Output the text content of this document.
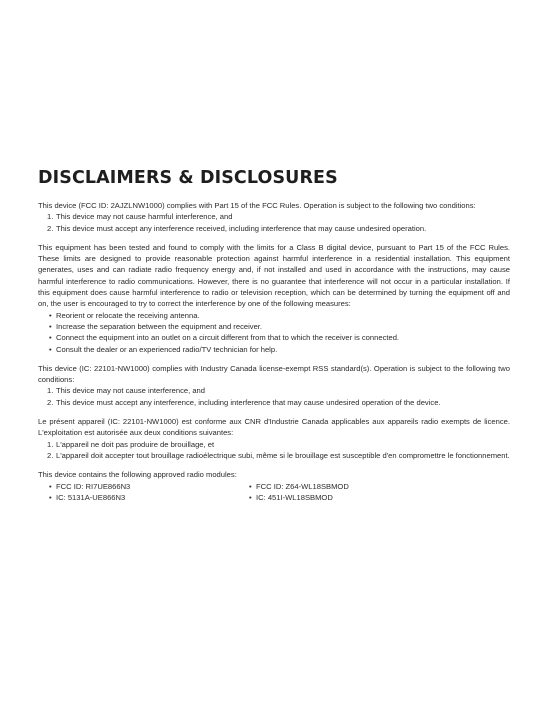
DISCLAIMERS & DISCLOSURES

This device (FCC ID: 2AJZLNW1000) complies with Part 15 of the FCC Rules. Operation is subject to the following two conditions:

1. This device may not cause harmful interference, and
2. This device must accept any interference received, including interference that may cause undesired operation.

This equipment has been tested and found to comply with the limits for a Class B digital device, pursuant to Part 15 of the FCC Rules. These limits are designed to provide reasonable protection against harmful interference in a residential installation. This equipment generates, uses and can radiate radio frequency energy and, if not installed and used in accordance with the instructions, may cause harmful interference to radio communications. However, there is no guarantee that interference will not occur in a particular installation. If this equipment does cause harmful interference to radio or television reception, which can be determined by turning the equipment off and on, the user is encouraged to try to correct the interference by one of the following measures:

• Reorient or relocate the receiving antenna.
• Increase the separation between the equipment and receiver.
• Connect the equipment into an outlet on a circuit different from that to which the receiver is connected.
• Consult the dealer or an experienced radio/TV technician for help.

This device (IC: 22101-NW1000) complies with Industry Canada license-exempt RSS standard(s). Operation is subject to the following two conditions:

1. This device may not cause interference, and
2. This device must accept any interference, including interference that may cause undesired operation of the device.

Le présent appareil (IC: 22101-NW1000) est conforme aux CNR d'Industrie Canada applicables aux appareils radio exempts de licence. L'exploitation est autorisée aux deux conditions suivantes:

1. L'appareil ne doit pas produire de brouillage, et
2. L'appareil doit accepter tout brouillage radioélectrique subi, même si le brouillage est susceptible d'en compromettre le fonctionnement.

This device contains the following approved radio modules:

• FCC ID: RI7UE866N3	• FCC ID: Z64-WL18SBMOD
• IC: 5131A-UE866N3	• IC: 451I-WL18SBMOD
